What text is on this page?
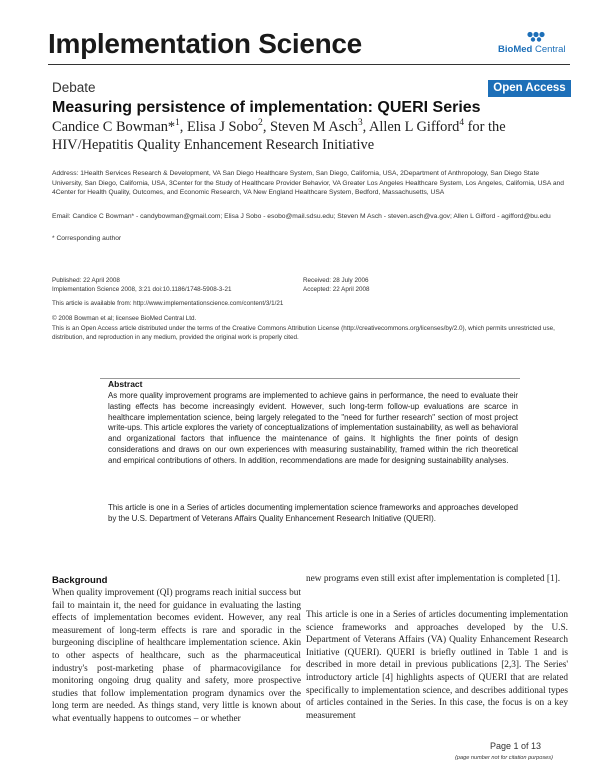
Implementation Science	BioMed Central
Debate	Open Access
Measuring persistence of implementation: QUERI Series
Candice C Bowman*$^1$, Elisa J Sobo$^2$, Steven M Asch$^3$, Allen L Gifford$^4$ for the
HIV/Hepatitis Quality Enhancement Research Initiative
Address: 1Health Services Research & Development, VA San Diego Healthcare System, San Diego, California, USA, 2Department of Anthropology, San Diego State University, San Diego, California, USA, 3Center for the Study of Healthcare Provider Behavior, VA Greater Los Angeles Healthcare System, Los Angeles, California, USA and 4Center for Health Quality, Outcomes, and Economic Research, VA New England Healthcare System, Bedford, Massachusetts, USA
Email: Candice C Bowman* - candybowman@gmail.com; Elisa J Sobo - esobo@mail.sdsu.edu; Steven M Asch - steven.asch@va.gov; Allen L Gifford - agifford@bu.edu
* Corresponding author
Published: 22 April 2008	Received: 28 July 2006
Accepted: 22 April 2008
Implementation Science 2008, 3:21 doi:10.1186/1748-5908-3-21
This article is available from: http://www.implementationscience.com/content/3/1/21
© 2008 Bowman et al; licensee BioMed Central Ltd.
This is an Open Access article distributed under the terms of the Creative Commons Attribution License (http://creativecommons.org/licenses/by/2.0), which permits unrestricted use, distribution, and reproduction in any medium, provided the original work is properly cited.
Abstract
As more quality improvement programs are implemented to achieve gains in performance, the need to evaluate their lasting effects has become increasingly evident. However, such long-term follow-up evaluations are scarce in healthcare implementation science, being largely relegated to the "need for further research" section of most project write-ups. This article explores the variety of conceptualizations of implementation sustainability, as well as behavioral and organizational factors that influence the maintenance of gains. It highlights the finer points of design considerations and draws on our own experiences with measuring sustainability, framed within the rich theoretical and empirical contributions of others. In addition, recommendations are made for designing sustainability analyses.
This article is one in a Series of articles documenting implementation science frameworks and approaches developed by the U.S. Department of Veterans Affairs Quality Enhancement Research Initiative (QUERI).
Background
When quality improvement (QI) programs reach initial success but fail to maintain it, the need for guidance in evaluating the lasting effects of implementation becomes evident. However, any real measurement of long-term effects is rare and sporadic in the burgeoning discipline of healthcare implementation science. Akin to other aspects of healthcare, such as the pharmaceutical industry's post-marketing phase of pharmacovigilance for monitoring ongoing drug quality and safety, more prospective studies that follow implementation program dynamics over the long term are needed. As things stand, very little is known about what eventually happens to outcomes – or whether
new programs even still exist after implementation is completed [1].
This article is one in a Series of articles documenting implementation science frameworks and approaches developed by the U.S. Department of Veterans Affairs (VA) Quality Enhancement Research Initiative (QUERI). QUERI is briefly outlined in Table 1 and is described in more detail in previous publications [2,3]. The Series' introductory article [4] highlights aspects of QUERI that are related specifically to implementation science, and describes additional types of articles contained in the Series. In this case, the focus is on a key measurement
Page 1 of 13
(page number not for citation purposes)
